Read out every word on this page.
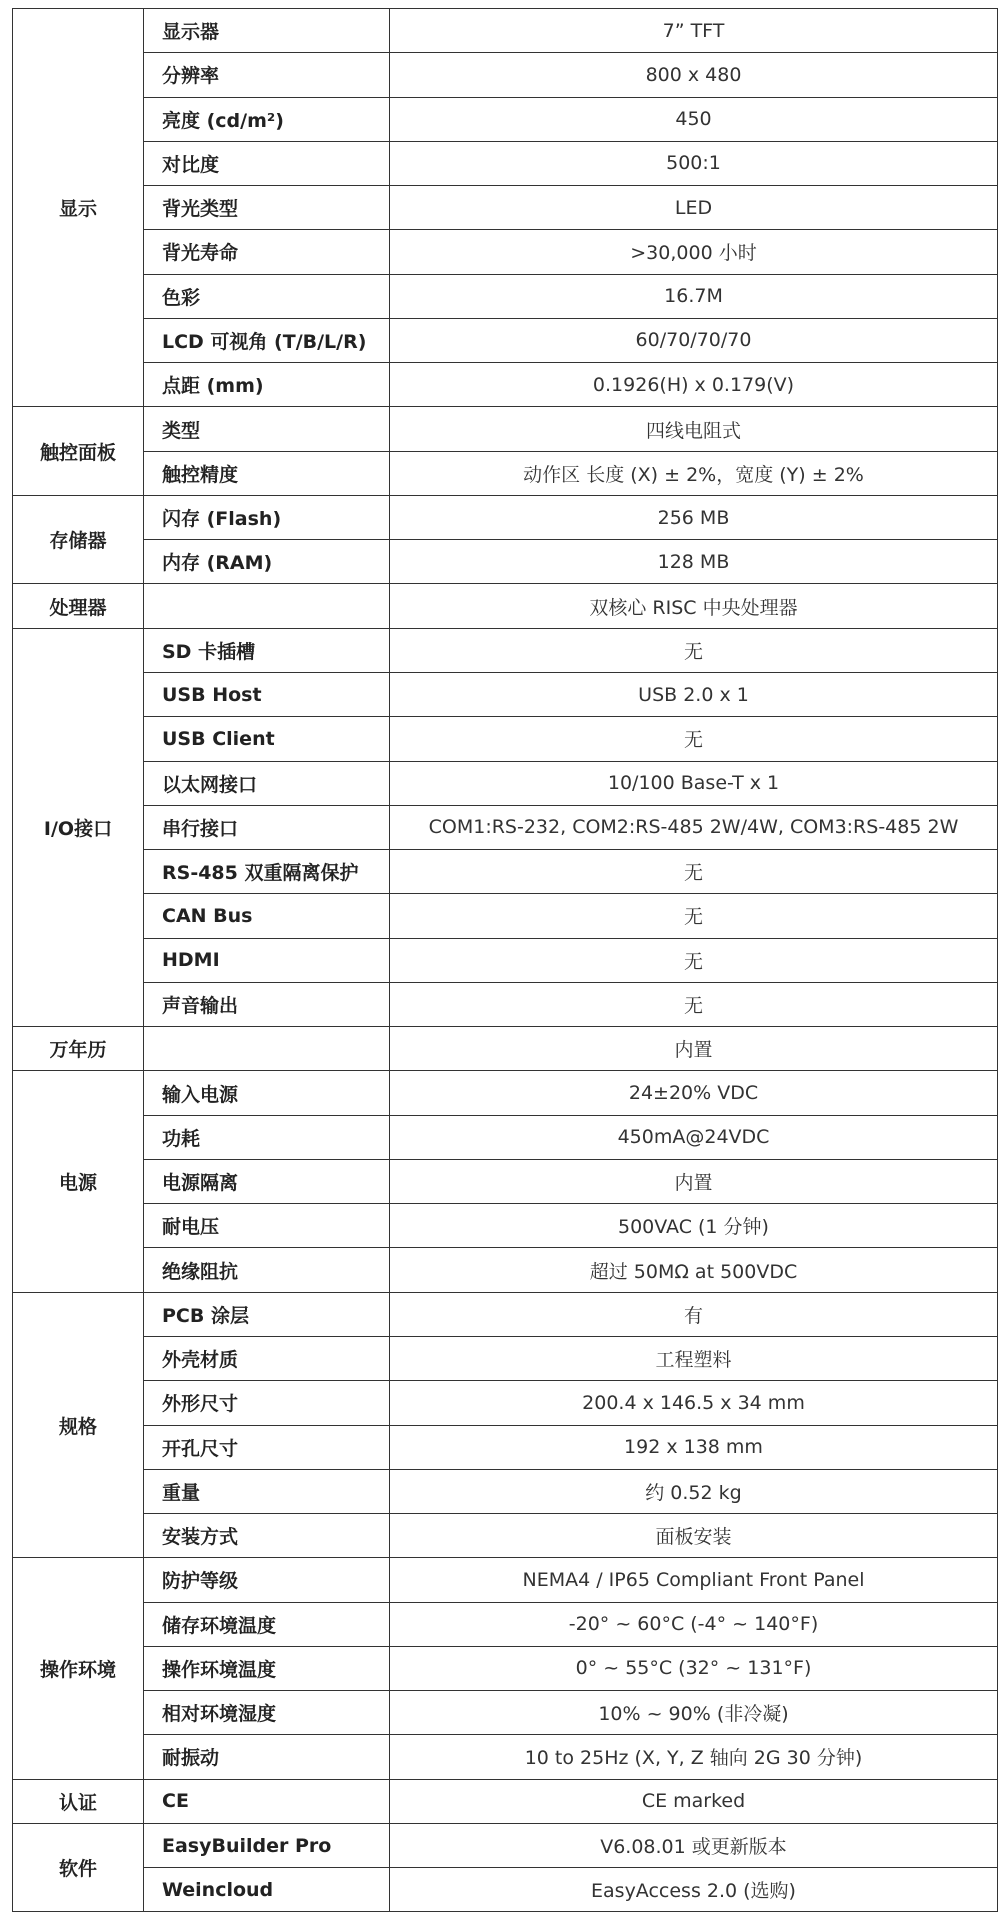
显示	显示器	7” TFT
	分辨率	800 x 480
	亮度 (cd/m²)	450
	对比度	500:1
	背光类型	LED
	背光寿命	>30,000 小时
	色彩	16.7M
	LCD 可视角 (T/B/L/R)	60/70/70/70
	点距 (mm)	0.1926(H) x 0.179(V)
触控面板	类型	四线电阻式
	触控精度	动作区 长度 (X) ± 2%，宽度 (Y) ± 2%
存储器	闪存 (Flash)	256 MB
	内存 (RAM)	128 MB
处理器		双核心 RISC 中央处理器
I/O接口	SD 卡插槽	无
	USB Host	USB 2.0 x 1
	USB Client	无
	以太网接口	10/100 Base-T x 1
	串行接口	COM1:RS-232, COM2:RS-485 2W/4W, COM3:RS-485 2W
	RS-485 双重隔离保护	无
	CAN Bus	无
	HDMI	无
	声音输出	无
万年历		内置
电源	输入电源	24±20% VDC
	功耗	450mA@24VDC
	电源隔离	内置
	耐电压	500VAC (1 分钟)
	绝缘阻抗	超过 50MΩ at 500VDC
规格	PCB 涂层	有
	外壳材质	工程塑料
	外形尺寸	200.4 x 146.5 x 34 mm
	开孔尺寸	192 x 138 mm
	重量	约 0.52 kg
	安装方式	面板安装
操作环境	防护等级	NEMA4 / IP65 Compliant Front Panel
	储存环境温度	-20° ~ 60°C (-4° ~ 140°F)
	操作环境温度	0° ~ 55°C (32° ~ 131°F)
	相对环境湿度	10% ~ 90% (非冷凝)
	耐振动	10 to 25Hz (X, Y, Z 轴向 2G 30 分钟)
认证	CE	CE marked
软件	EasyBuilder Pro	V6.08.01 或更新版本
	Weincloud	EasyAccess 2.0 (选购)
